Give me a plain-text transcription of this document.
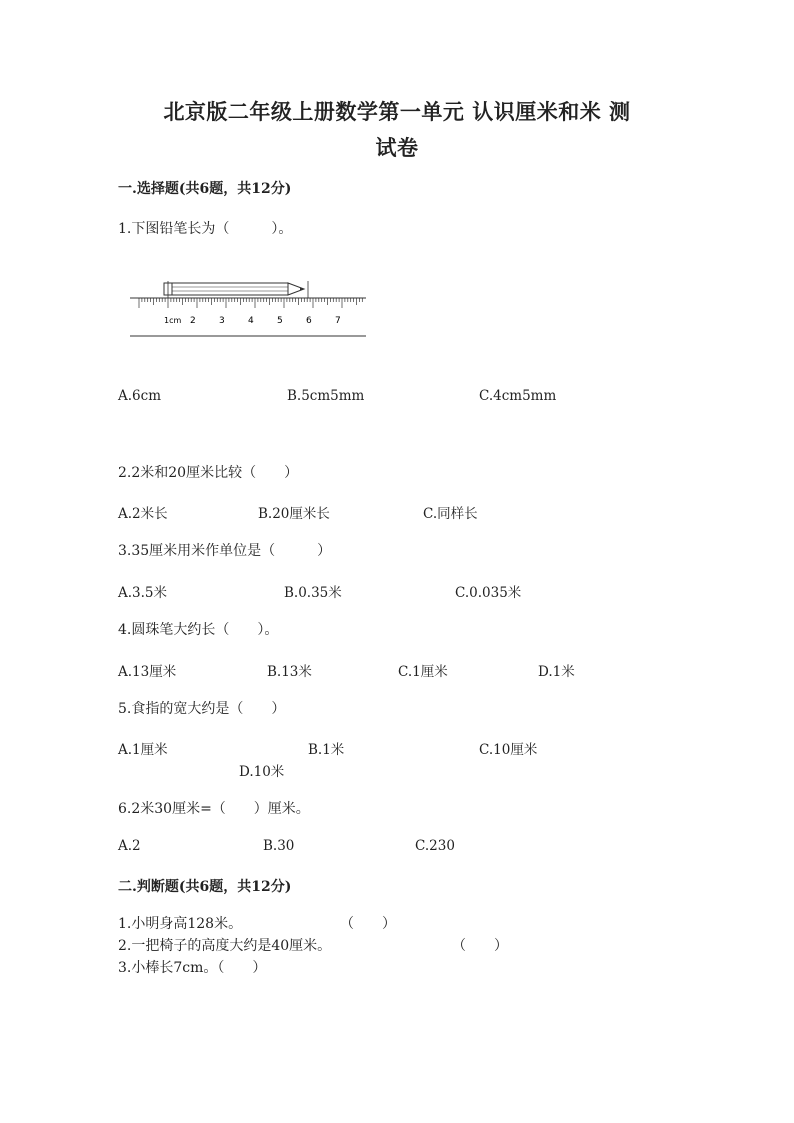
北京版二年级上册数学第一单元 认识厘米和米 测
试卷
一.选择题(共6题，共12分)
1.下图铅笔长为（　　　）。
1cm 2	3	4	5	6	7
A.6cm	B.5cm5mm	C.4cm5mm
2.2米和20厘米比较（　　）
A.2米长	B.20厘米长	C.同样长
3.35厘米用米作单位是（　　　）
A.3.5米	B.0.35米	C.0.035米
4.圆珠笔大约长（　　）。
A.13厘米	B.13米	C.1厘米	D.1米
5.食指的宽大约是（　　）
A.1厘米	B.1米	C.10厘米
D.10米
6.2米30厘米=（　　）厘米。
A.2	B.30	C.230
二.判断题(共6题，共12分)
1.小明身高128米。	（　　）
2.一把椅子的高度大约是40厘米。	（　　）
3.小棒长7cm。（　　）
